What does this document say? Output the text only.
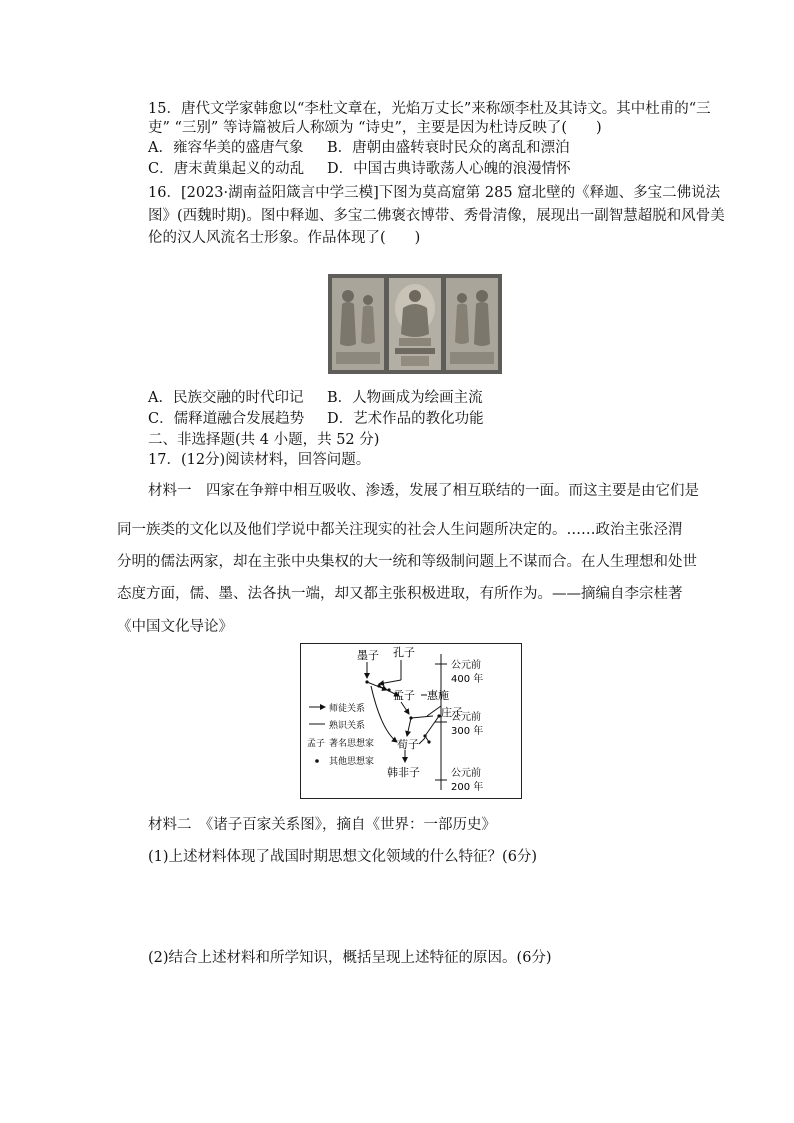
15．唐代文学家韩愈以“李杜文章在，光焰万丈长”来称颂李杜及其诗文。其中杜甫的“三
吏” “三别” 等诗篇被后人称颂为 “诗史”，主要是因为杜诗反映了(　　)
A．雍容华美的盛唐气象 B．唐朝由盛转衰时民众的离乱和漂泊
C．唐末黄巢起义的动乱 D．中国古典诗歌荡人心魄的浪漫情怀
16．[2023·湖南益阳箴言中学三模]下图为莫高窟第 285 窟北壁的《释迦、多宝二佛说法
图》(西魏时期)。图中释迦、多宝二佛褒衣博带、秀骨清像，展现出一副智慧超脱和风骨美
伦的汉人风流名士形象。作品体现了(　　)
A．民族交融的时代印记 B．人物画成为绘画主流
C．儒释道融合发展趋势 D．艺术作品的教化功能
二、非选择题(共 4 小题，共 52 分)
17．(12分)阅读材料，回答问题。
材料一　四家在争辩中相互吸收、渗透，发展了相互联结的一面。而这主要是由它们是
同一族类的文化以及他们学说中都关注现实的社会人生问题所决定的。……政治主张泾渭
分明的儒法两家，却在主张中央集权的大一统和等级制问题上不谋而合。在人生理想和处世
态度方面，儒、墨、法各执一端，却又都主张积极进取，有所作为。——摘编自李宗桂著
《中国文化导论》
公元前
400 年
公元前
300 年
公元前
200 年
墨子 孔子
孟子 惠施
庄子
荀子
韩非子
师徒关系
熟识关系
孟子 著名思想家
其他思想家
材料二　《诸子百家关系图》，摘自《世界：一部历史》
(1)上述材料体现了战国时期思想文化领域的什么特征？(6分)
(2)结合上述材料和所学知识，概括呈现上述特征的原因。(6分)
